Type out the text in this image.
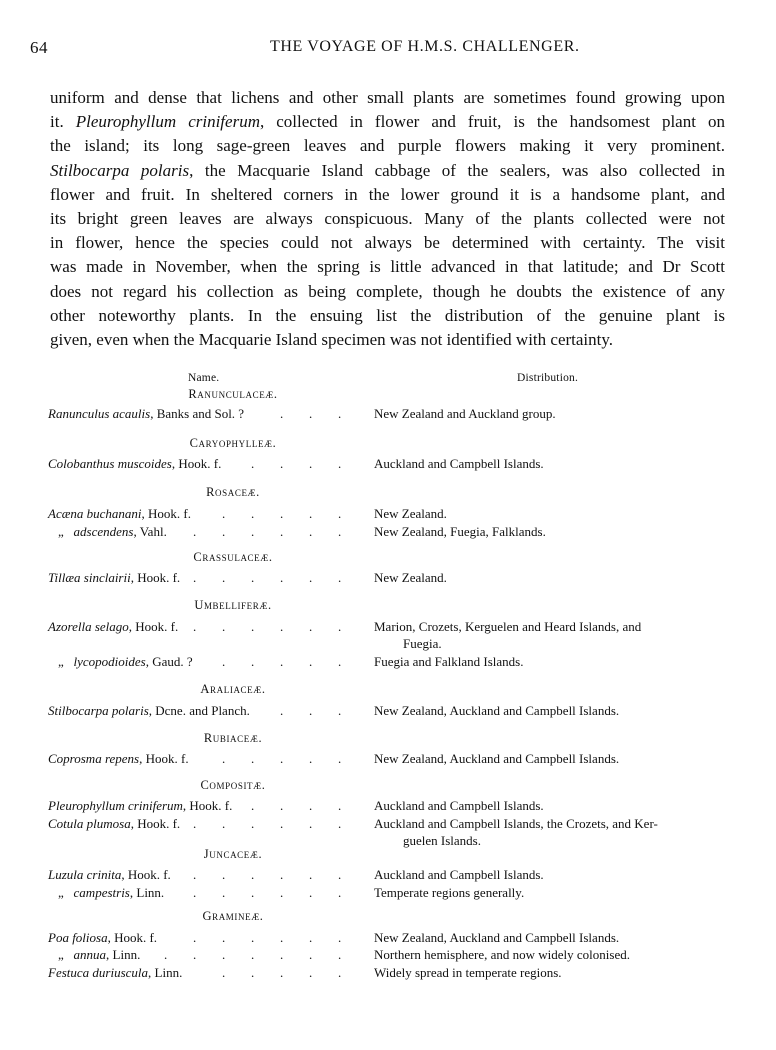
64	THE VOYAGE OF H.M.S. CHALLENGER.
uniform and dense that lichens and other small plants are sometimes found growing upon
it. Pleurophyllum criniferum, collected in flower and fruit, is the handsomest plant on
the island; its long sage-green leaves and purple flowers making it very prominent.
Stilbocarpa polaris, the Macquarie Island cabbage of the sealers, was also collected in
flower and fruit. In sheltered corners in the lower ground it is a handsome plant, and
its bright green leaves are always conspicuous. Many of the plants collected were not
in flower, hence the species could not always be determined with certainty. The visit
was made in November, when the spring is little advanced in that latitude; and Dr Scott
does not regard his collection as being complete, though he doubts the existence of any
other noteworthy plants. In the ensuing list the distribution of the genuine plant is
given, even when the Macquarie Island specimen was not identified with certainty.
Name.	Distribution.
Ranunculaceæ.
Ranunculus acaulis, Banks and Sol. ?	. . .	New Zealand and Auckland group.
Caryophylleæ.
Colobanthus muscoides, Hook. f. . . . .	Auckland and Campbell Islands.
Rosaceæ.
Acæna buchanani, Hook. f. . . . . .	New Zealand.
„   adscendens, Vahl. . . . . . .	New Zealand, Fuegia, Falklands.
Crassulaceæ.
Tillæa sinclairii, Hook. f. . . . . . .	New Zealand.
Umbelliferæ.
Azorella selago, Hook. f. . . . . . .	Marion, Crozets, Kerguelen and Heard Islands, and
Fuegia.
„   lycopodioides, Gaud. ? . . . . .	Fuegia and Falkland Islands.
Araliaceæ.
Stilbocarpa polaris, Dcne. and Planch. . . .	New Zealand, Auckland and Campbell Islands.
Rubiaceæ.
Coprosma repens, Hook. f.	. . . . .	New Zealand, Auckland and Campbell Islands.
Compositæ.
Pleurophyllum criniferum, Hook. f. . . . .	Auckland and Campbell Islands.
Cotula plumosa, Hook. f. . . . . . .	Auckland and Campbell Islands, the Crozets, and Ker-
guelen Islands.
Juncaceæ.
Luzula crinita, Hook. f. . . . . . .	Auckland and Campbell Islands.
„   campestris, Linn. . . . . . .	Temperate regions generally.
Gramineæ.
Poa foliosa, Hook. f.	. . . . . .	New Zealand, Auckland and Campbell Islands.
„   annua, Linn. . . . . . . .	Northern hemisphere, and now widely colonised.
Festuca duriuscula, Linn.	. . . . .	Widely spread in temperate regions.
